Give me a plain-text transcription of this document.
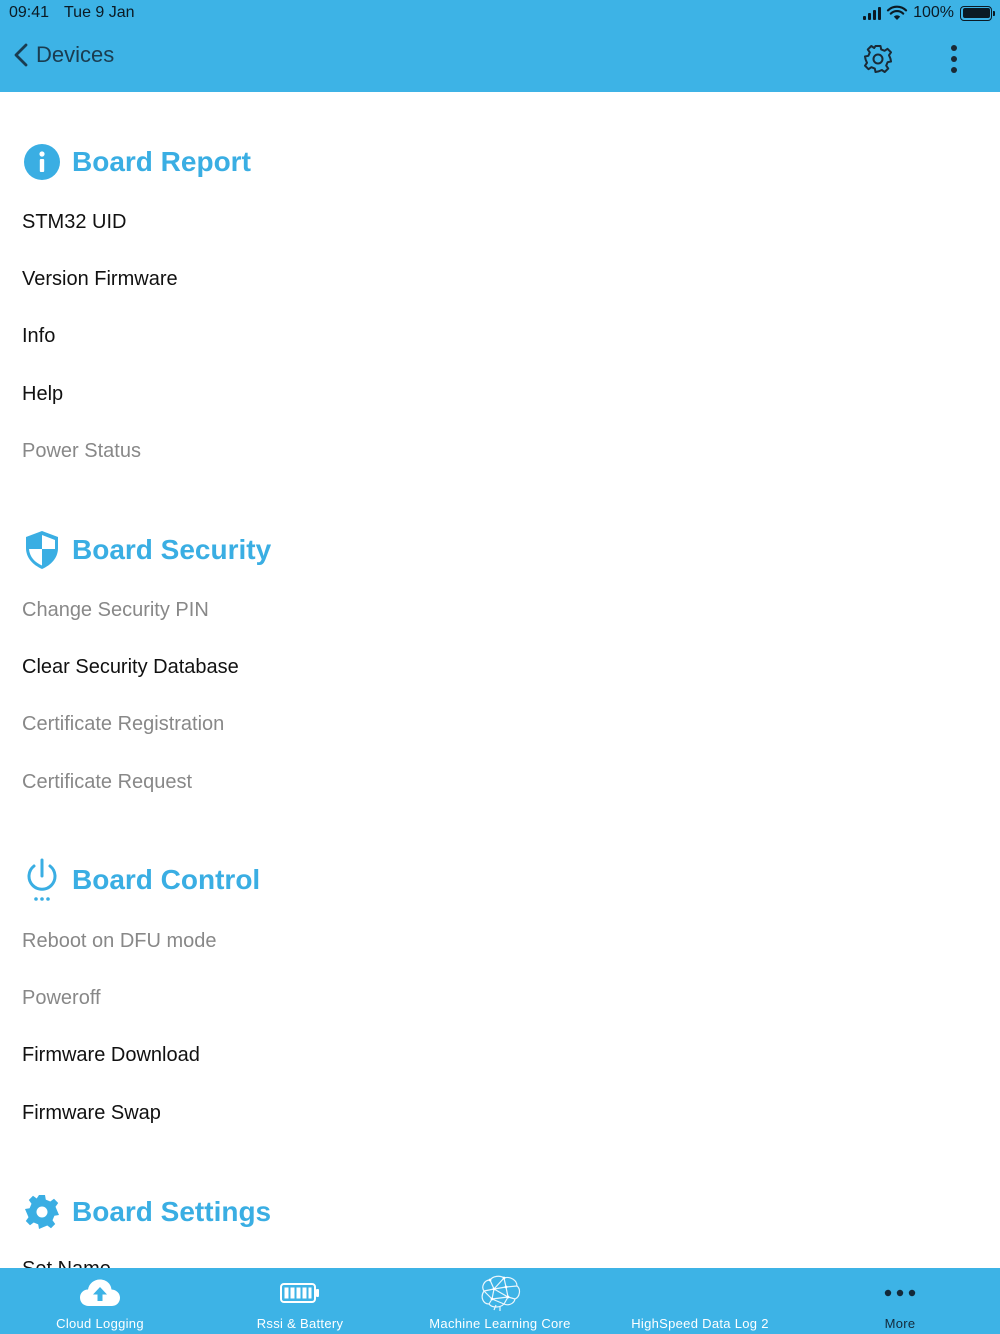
09:41 Tue 9 Jan	100%
Devices
Board Report
STM32 UID
Version Firmware
Info
Help
Power Status
Board Security
Change Security PIN
Clear Security Database
Certificate Registration
Certificate Request
Board Control
Reboot on DFU mode
Poweroff
Firmware Download
Firmware Swap
Board Settings
Cloud Logging	Rssi & Battery	Machine Learning Core	HighSpeed Data Log 2	More
